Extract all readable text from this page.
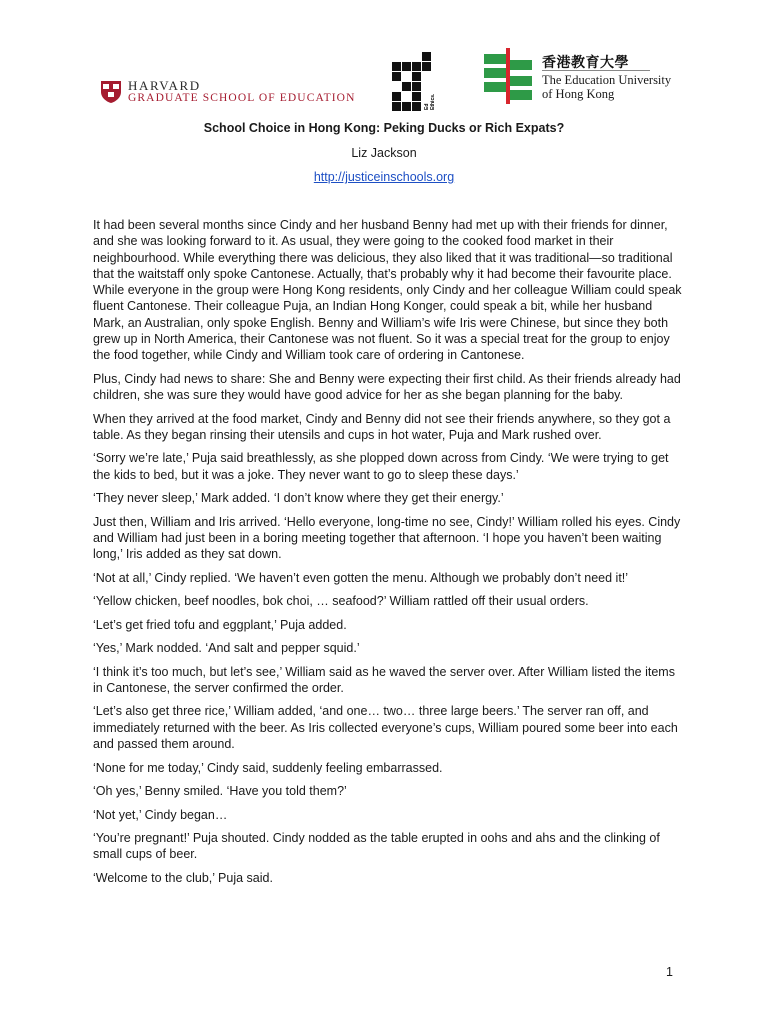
HARVARD
GRADUATE SCHOOL OF EDUCATION
Ed Ethics.
香港教育大學
The Education University
of Hong Kong
School Choice in Hong Kong: Peking Ducks or Rich Expats?
Liz Jackson
http://justiceinschools.org

It had been several months since Cindy and her husband Benny had met up with their friends for dinner, and she was looking forward to it. As usual, they were going to the cooked food market in their neighbourhood. While everything there was delicious, they also liked that it was traditional—so traditional that the waitstaff only spoke Cantonese. Actually, that’s probably why it had become their favourite place. While everyone in the group were Hong Kong residents, only Cindy and her colleague William could speak fluent Cantonese. Their colleague Puja, an Indian Hong Konger, could speak a bit, while her husband Mark, an Australian, only spoke English. Benny and William’s wife Iris were Chinese, but since they both grew up in North America, their Cantonese was not fluent. So it was a special treat for the group to enjoy the food together, while Cindy and William took care of ordering in Cantonese.

Plus, Cindy had news to share: She and Benny were expecting their first child. As their friends already had children, she was sure they would have good advice for her as she began planning for the baby.

When they arrived at the food market, Cindy and Benny did not see their friends anywhere, so they got a table. As they began rinsing their utensils and cups in hot water, Puja and Mark rushed over.

‘Sorry we’re late,’ Puja said breathlessly, as she plopped down across from Cindy. ‘We were trying to get the kids to bed, but it was a joke. They never want to go to sleep these days.’

‘They never sleep,’ Mark added. ‘I don’t know where they get their energy.’

Just then, William and Iris arrived. ‘Hello everyone, long-time no see, Cindy!’ William rolled his eyes. Cindy and William had just been in a boring meeting together that afternoon. ‘I hope you haven’t been waiting long,’ Iris added as they sat down.

‘Not at all,’ Cindy replied. ‘We haven’t even gotten the menu. Although we probably don’t need it!’

‘Yellow chicken, beef noodles, bok choi, … seafood?’ William rattled off their usual orders.

‘Let’s get fried tofu and eggplant,’ Puja added.

‘Yes,’ Mark nodded. ‘And salt and pepper squid.’

‘I think it’s too much, but let’s see,’ William said as he waved the server over. After William listed the items in Cantonese, the server confirmed the order.

‘Let’s also get three rice,’ William added, ‘and one… two… three large beers.’ The server ran off, and immediately returned with the beer. As Iris collected everyone’s cups, William poured some beer into each and passed them around.

‘None for me today,’ Cindy said, suddenly feeling embarrassed.

‘Oh yes,’ Benny smiled. ‘Have you told them?’

‘Not yet,’ Cindy began…

‘You’re pregnant!’ Puja shouted. Cindy nodded as the table erupted in oohs and ahs and the clinking of small cups of beer.

‘Welcome to the club,’ Puja said.

1
